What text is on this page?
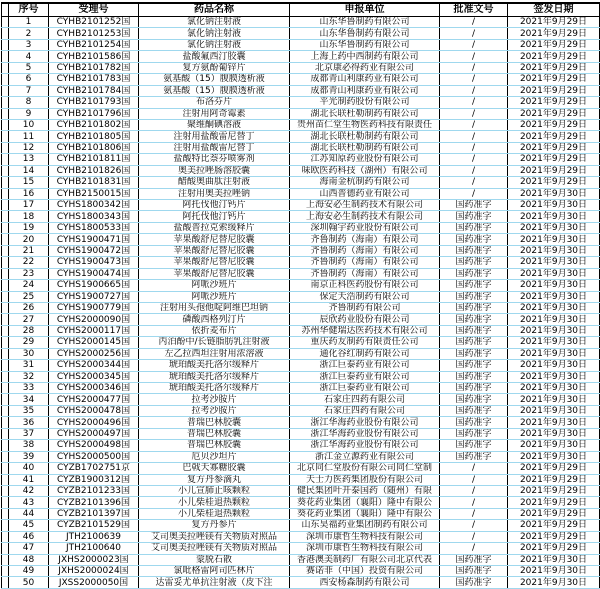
	序号	受理号	药品名称	申报单位	批准文号	签发日期
	1	CYHB2101252国	氯化钠注射液	山东华鲁制药有限公司	/	2021年9月29日
	2	CYHB2101253国	氯化钠注射液	山东华鲁制药有限公司	/	2021年9月29日
	3	CYHB2101254国	氯化钠注射液	山东华鲁制药有限公司	/	2021年9月29日
	4	CYHB2101586国	盐酸氟西汀胶囊	上海上药中西制药有限公司	/	2021年9月29日
	5	CYHB2101782国	复方氨酚葡锌片	北京康必得药业有限公司	/	2021年9月29日
	6	CYHB2101783国	氨基酸（15）腹膜透析液	成都青山利康药业有限公司	/	2021年9月29日
	7	CYHB2101784国	氨基酸（15）腹膜透析液	成都青山利康药业有限公司	/	2021年9月29日
	8	CYHB2101793国	布洛芬片	平光制药股份有限公司	/	2021年9月29日
	9	CYHB2101796国	注射用阿奇霉素	湖北长联杜勒制药有限公司	/	2021年9月29日
	10	CYHB2101802国	聚维酮碘溶液	贵州苗仁堂生物医药科技有限责任	/	2021年9月29日
	11	CYHB2101805国	注射用盐酸雷尼替丁	湖北长联杜勒制药有限公司	/	2021年9月29日
	12	CYHB2101806国	注射用盐酸雷尼替丁	湖北长联杜勒制药有限公司	/	2021年9月29日
	13	CYHB2101811国	盐酸特比萘芬喷雾剂	江苏知原药业股份有限公司	/	2021年9月29日
	14	CYHB2101826国	奥美拉唑肠溶胶囊	味欧医药科技（湖州）有限公司	/	2021年9月29日
	15	CYHB2101831国	醋酸奥曲肽注射液	海南金杭制药有限公司	/	2021年9月29日
	16	CYHB2150015国	注射用奥美拉唑钠	山西普德药业有限公司	/	2021年9月30日
	17	CYHS1800342国	阿托伐他汀钙片	上海安必生制药技术有限公司	国药准字	2021年9月30日
	18	CYHS1800343国	阿托伐他汀钙片	上海安必生制药技术有限公司	国药准字	2021年9月30日
	19	CYHS1800533国	盐酸普拉克索缓释片	深圳翰宇药业股份有限公司	国药准字	2021年9月30日
	20	CYHS1900471国	苹果酸舒尼替尼胶囊	齐鲁制药（海南）有限公司	国药准字	2021年9月30日
	21	CYHS1900472国	苹果酸舒尼替尼胶囊	齐鲁制药（海南）有限公司	国药准字	2021年9月30日
	22	CYHS1900473国	苹果酸舒尼替尼胶囊	齐鲁制药（海南）有限公司	国药准字	2021年9月30日
	23	CYHS1900474国	苹果酸舒尼替尼胶囊	齐鲁制药（海南）有限公司	国药准字	2021年9月30日
	24	CYHS1900665国	阿哌沙班片	南京正科医药股份有限公司	国药准字	2021年9月30日
	25	CYHS1900727国	阿哌沙班片	保定天浩制药有限公司	国药准字	2021年9月30日
	26	CYHS1900779国	注射用头孢他啶阿维巴坦钠	齐鲁制药有限公司	国药准字	2021年9月30日
	27	CYHS2000090国	磷酸西格列汀片	辰欣药业股份有限公司	国药准字	2021年9月30日
	28	CYHS2000117国	依折麦布片	苏州华健瑞达医药技术有限公司	国药准字	2021年9月30日
	29	CYHS2000145国	丙泊酚中/长链脂肪乳注射液	重庆药友制药有限责任公司	国药准字	2021年9月30日
	30	CYHS2000256国	左乙拉西坦注射用浓溶液	通化谷红制药有限公司	国药准字	2021年9月30日
	31	CYHS2000344国	琥珀酸美托洛尔缓释片	浙江巨泰药业有限公司	国药准字	2021年9月30日
	32	CYHS2000345国	琥珀酸美托洛尔缓释片	浙江巨泰药业有限公司	国药准字	2021年9月30日
	33	CYHS2000346国	琥珀酸美托洛尔缓释片	浙江巨泰药业有限公司	国药准字	2021年9月30日
	34	CYHS2000477国	拉考沙胺片	石家庄四药有限公司	国药准字	2021年9月30日
	35	CYHS2000478国	拉考沙胺片	石家庄四药有限公司	国药准字	2021年9月30日
	36	CYHS2000496国	普瑞巴林胶囊	浙江华海药业股份有限公司	国药准字	2021年9月30日
	37	CYHS2000497国	普瑞巴林胶囊	浙江华海药业股份有限公司	国药准字	2021年9月30日
	38	CYHS2000498国	普瑞巴林胶囊	浙江华海药业股份有限公司	国药准字	2021年9月30日
	39	CYHS2000500国	厄贝沙坦片	浙江金立源药业有限公司	国药准字	2021年9月30日
	40	CYZB1702751京	巴戟天寡糖胶囊	北京同仁堂股份有限公司同仁堂制	/	2021年9月29日
	41	CYZB1900312国	复方丹参滴丸	天士力医药集团股份有限公司	/	2021年9月29日
	42	CYZB2101233国	小儿宣肺止咳颗粒	健民集团叶开泰国药（随州）有限	/	2021年9月29日
	43	CYZB2101396国	小儿柴桂退热颗粒	葵花药业集团（襄阳）隆中有限公	/	2021年9月29日
	44	CYZB2101397国	小儿柴桂退热颗粒	葵花药业集团（襄阳）隆中有限公	/	2021年9月29日
	45	CYZB2101529国	复方丹参片	山东昊福药业集团制药有限公司	/	2021年9月29日
	46	JTH2100639	艾司奥美拉唑镁有关物质对照品	深圳市康哲生物科技有限公司	/	2021年9月29日
	47	JTH2100640	艾司奥美拉唑镁有关物质对照品	深圳市康哲生物科技有限公司	/	2021年9月29日
	48	JXHS2000023国	蒙脱石散	香港澳美制药厂有限公司北京代表	国药准字	2021年9月30日
	49	JXHS2000024国	氯吡格雷阿司匹林片	赛诺菲（中国）投资有限公司	国药准字	2021年9月30日
	50	JXSS2000050国	达雷妥尤单抗注射液（皮下注	西安杨森制药有限公司	国药准字	2021年9月30日
